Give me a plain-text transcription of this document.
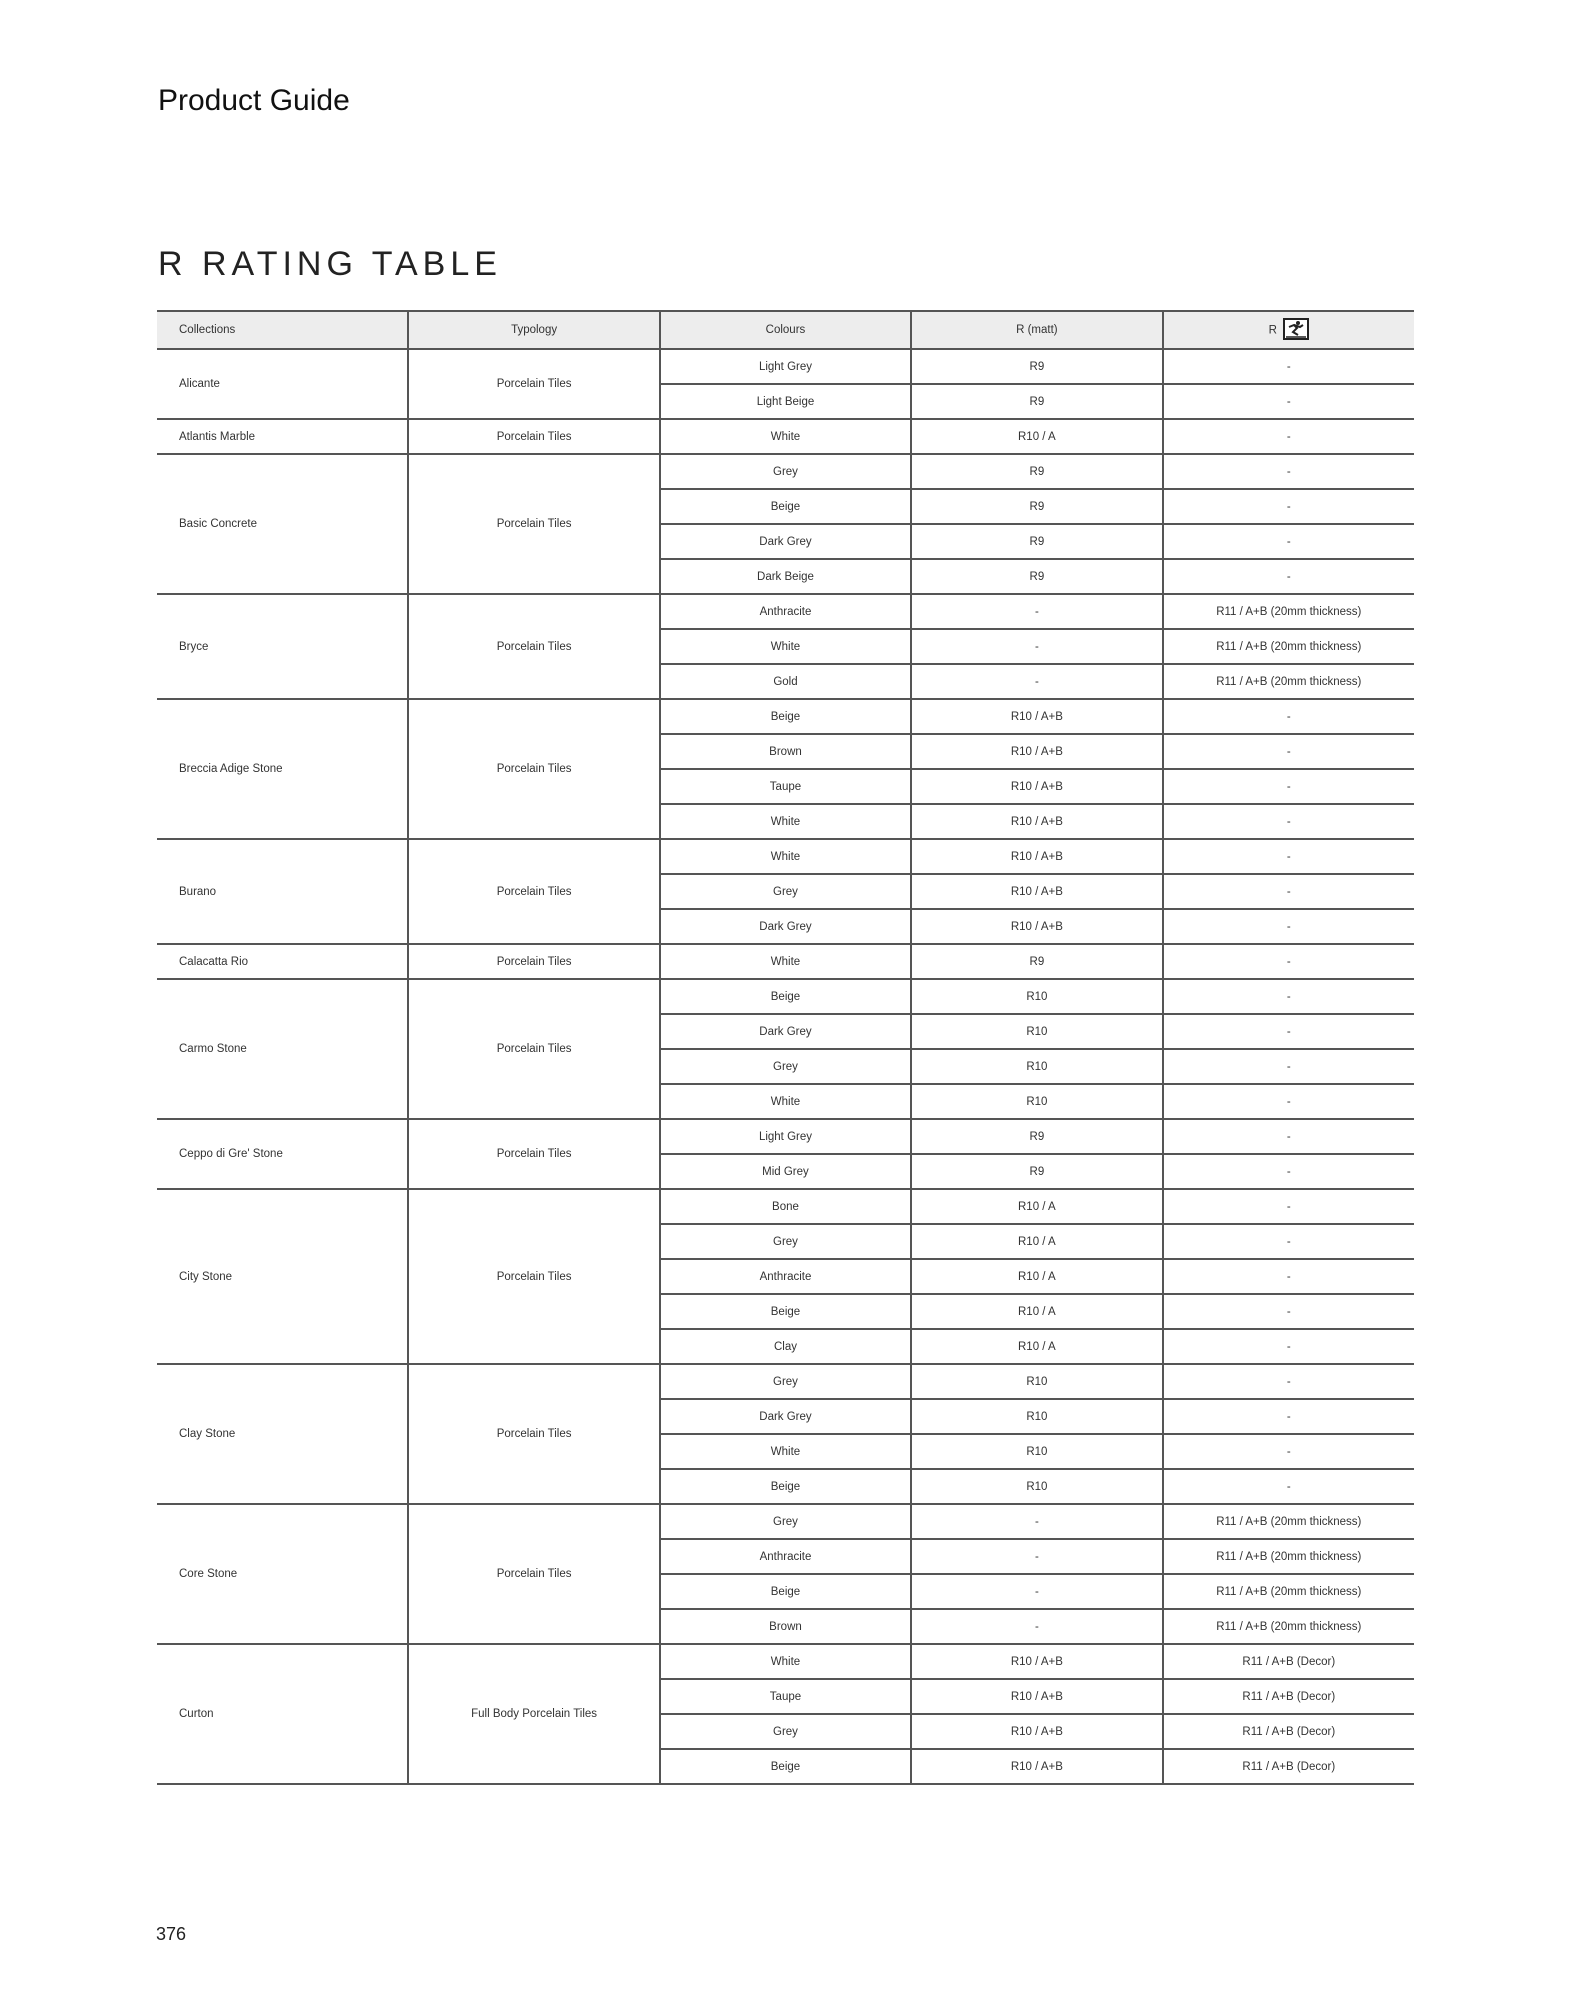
Product Guide
R RATING TABLE
Collections	Typology	Colours	R (matt)	R
Alicante	Porcelain Tiles	Light Grey	R9	-
		Light Beige	R9	-
Atlantis Marble	Porcelain Tiles	White	R10 / A	-
Basic Concrete	Porcelain Tiles	Grey	R9	-
		Beige	R9	-
		Dark Grey	R9	-
		Dark Beige	R9	-
Bryce	Porcelain Tiles	Anthracite	-	R11 / A+B (20mm thickness)
		White	-	R11 / A+B (20mm thickness)
		Gold	-	R11 / A+B (20mm thickness)
Breccia Adige Stone	Porcelain Tiles	Beige	R10 / A+B	-
		Brown	R10 / A+B	-
		Taupe	R10 / A+B	-
		White	R10 / A+B	-
Burano	Porcelain Tiles	White	R10 / A+B	-
		Grey	R10 / A+B	-
		Dark Grey	R10 / A+B	-
Calacatta Rio	Porcelain Tiles	White	R9	-
Carmo Stone	Porcelain Tiles	Beige	R10	-
		Dark Grey	R10	-
		Grey	R10	-
		White	R10	-
Ceppo di Gre' Stone	Porcelain Tiles	Light Grey	R9	-
		Mid Grey	R9	-
City Stone	Porcelain Tiles	Bone	R10 / A	-
		Grey	R10 / A	-
		Anthracite	R10 / A	-
		Beige	R10 / A	-
		Clay	R10 / A	-
Clay Stone	Porcelain Tiles	Grey	R10	-
		Dark Grey	R10	-
		White	R10	-
		Beige	R10	-
Core Stone	Porcelain Tiles	Grey	-	R11 / A+B (20mm thickness)
		Anthracite	-	R11 / A+B (20mm thickness)
		Beige	-	R11 / A+B (20mm thickness)
		Brown	-	R11 / A+B (20mm thickness)
Curton	Full Body Porcelain Tiles	White	R10 / A+B	R11 / A+B (Decor)
		Taupe	R10 / A+B	R11 / A+B (Decor)
		Grey	R10 / A+B	R11 / A+B (Decor)
		Beige	R10 / A+B	R11 / A+B (Decor)
376
